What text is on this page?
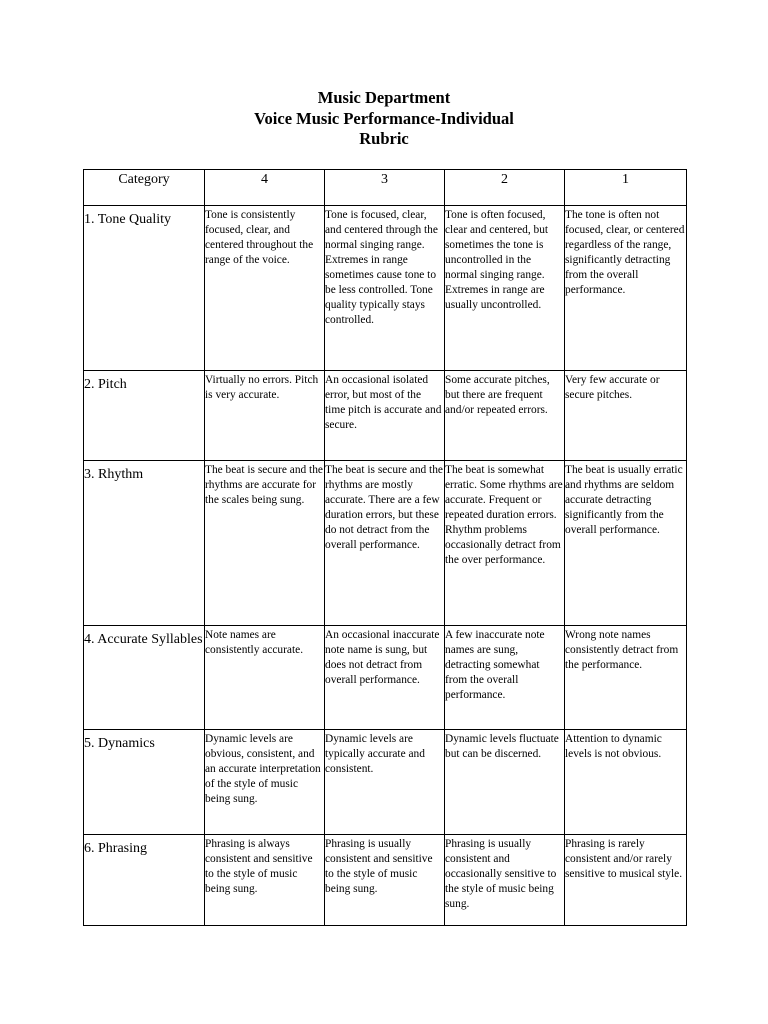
Music Department
Voice Music Performance-Individual
Rubric
Category	4	3	2	1

1. Tone Quality	Tone is consistently focused, clear, and centered throughout the range of the voice.	Tone is focused, clear, and centered through the normal singing range. Extremes in range sometimes cause tone to be less controlled. Tone quality typically stays controlled.	Tone is often focused, clear and centered, but sometimes the tone is uncontrolled in the normal singing range. Extremes in range are usually uncontrolled.	The tone is often not focused, clear, or centered regardless of the range, significantly detracting from the overall performance.

2. Pitch	Virtually no errors. Pitch is very accurate.	An occasional isolated error, but most of the time pitch is accurate and secure.	Some accurate pitches, but there are frequent and/or repeated errors.	Very few accurate or secure pitches.

3. Rhythm	The beat is secure and the rhythms are accurate for the scales being sung.	The beat is secure and the rhythms are mostly accurate. There are a few duration errors, but these do not detract from the overall performance.	The beat is somewhat erratic. Some rhythms are accurate. Frequent or repeated duration errors. Rhythm problems occasionally detract from the over performance.	The beat is usually erratic and rhythms are seldom accurate detracting significantly from the overall performance.

4. Accurate Syllables	Note names are consistently accurate.	An occasional inaccurate note name is sung, but does not detract from overall performance.	A few inaccurate note names are sung, detracting somewhat from the overall performance.	Wrong note names consistently detract from the performance.

5. Dynamics	Dynamic levels are obvious, consistent, and an accurate interpretation of the style of music being sung.	Dynamic levels are typically accurate and consistent.	Dynamic levels fluctuate but can be discerned.	Attention to dynamic levels is not obvious.

6. Phrasing	Phrasing is always consistent and sensitive to the style of music being sung.	Phrasing is usually consistent and sensitive to the style of music being sung.	Phrasing is usually consistent and occasionally sensitive to the style of music being sung.	Phrasing is rarely consistent and/or rarely sensitive to musical style.
